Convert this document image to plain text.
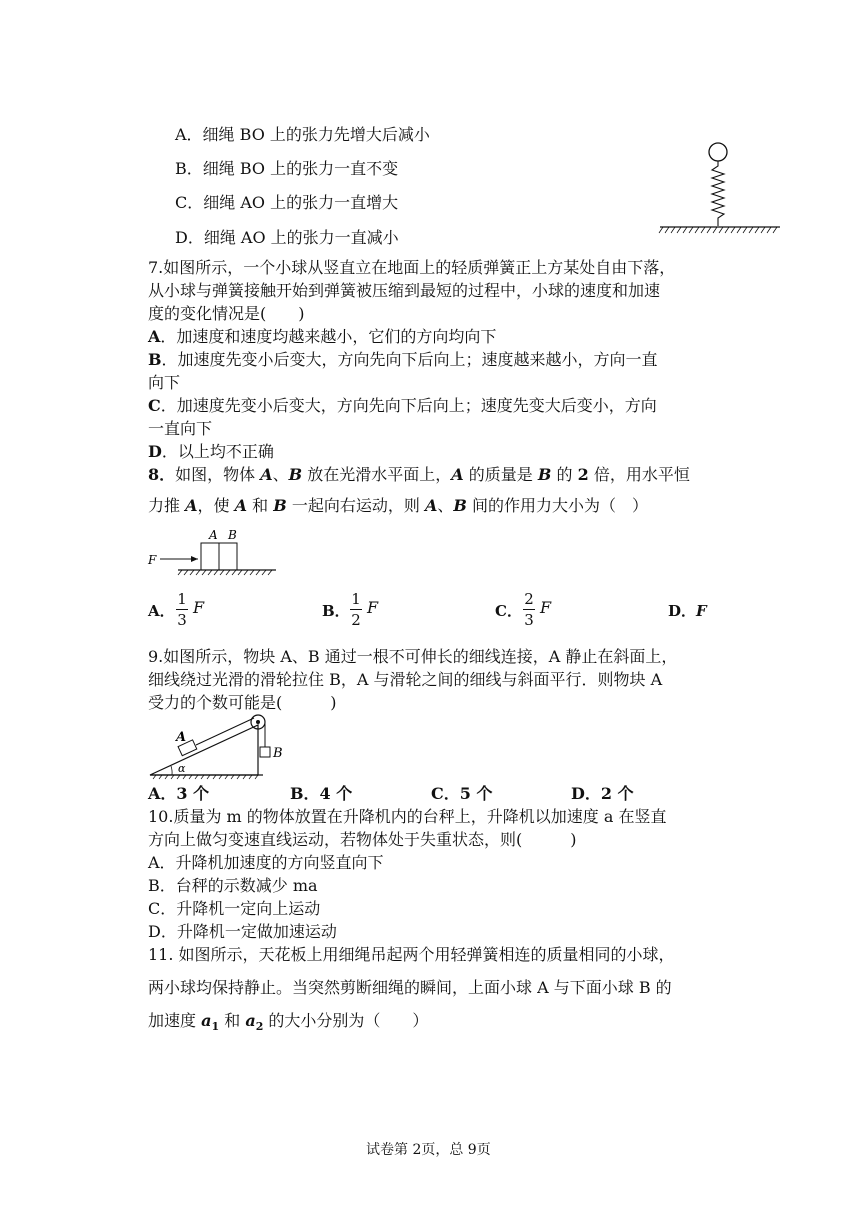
A．细绳 BO 上的张力先增大后减小
B．细绳 BO 上的张力一直不变
C．细绳 AO 上的张力一直增大
D．细绳 AO 上的张力一直减小
7.如图所示，一个小球从竖直立在地面上的轻质弹簧正上方某处自由下落，
从小球与弹簧接触开始到弹簧被压缩到最短的过程中，小球的速度和加速
度的变化情况是(　　)
A．加速度和速度均越来越小，它们的方向均向下
B．加速度先变小后变大，方向先向下后向上；速度越来越小，方向一直
向下
C．加速度先变小后变大，方向先向下后向上；速度先变大后变小，方向
一直向下
D．以上均不正确
8．如图，物体 A、B 放在光滑水平面上，A 的质量是 B 的 2 倍，用水平恒
力推 A，使 A 和 B 一起向右运动，则 A、B 间的作用力大小为（　）
A B
F
A．
1
3
F	B．
1
2
F	C．
2
3
F	D．F
9.如图所示，物块 A、B 通过一根不可伸长的细线连接，A 静止在斜面上，
细线绕过光滑的滑轮拉住 B，A 与滑轮之间的细线与斜面平行．则物块 A
受力的个数可能是(　　　)
A
B
α
A．3 个	B．4 个	C．5 个	D．2 个
10.质量为 m 的物体放置在升降机内的台秤上，升降机以加速度 a 在竖直
方向上做匀变速直线运动，若物体处于失重状态，则(　　　)
A．升降机加速度的方向竖直向下
B．台秤的示数减少 ma
C．升降机一定向上运动
D．升降机一定做加速运动
11. 如图所示，天花板上用细绳吊起两个用轻弹簧相连的质量相同的小球，
两小球均保持静止。当突然剪断细绳的瞬间，上面小球 A 与下面小球 B 的
加速度 $a_1$ 和 $a_2$ 的大小分别为（　　）
试卷第 2页，总 9页
